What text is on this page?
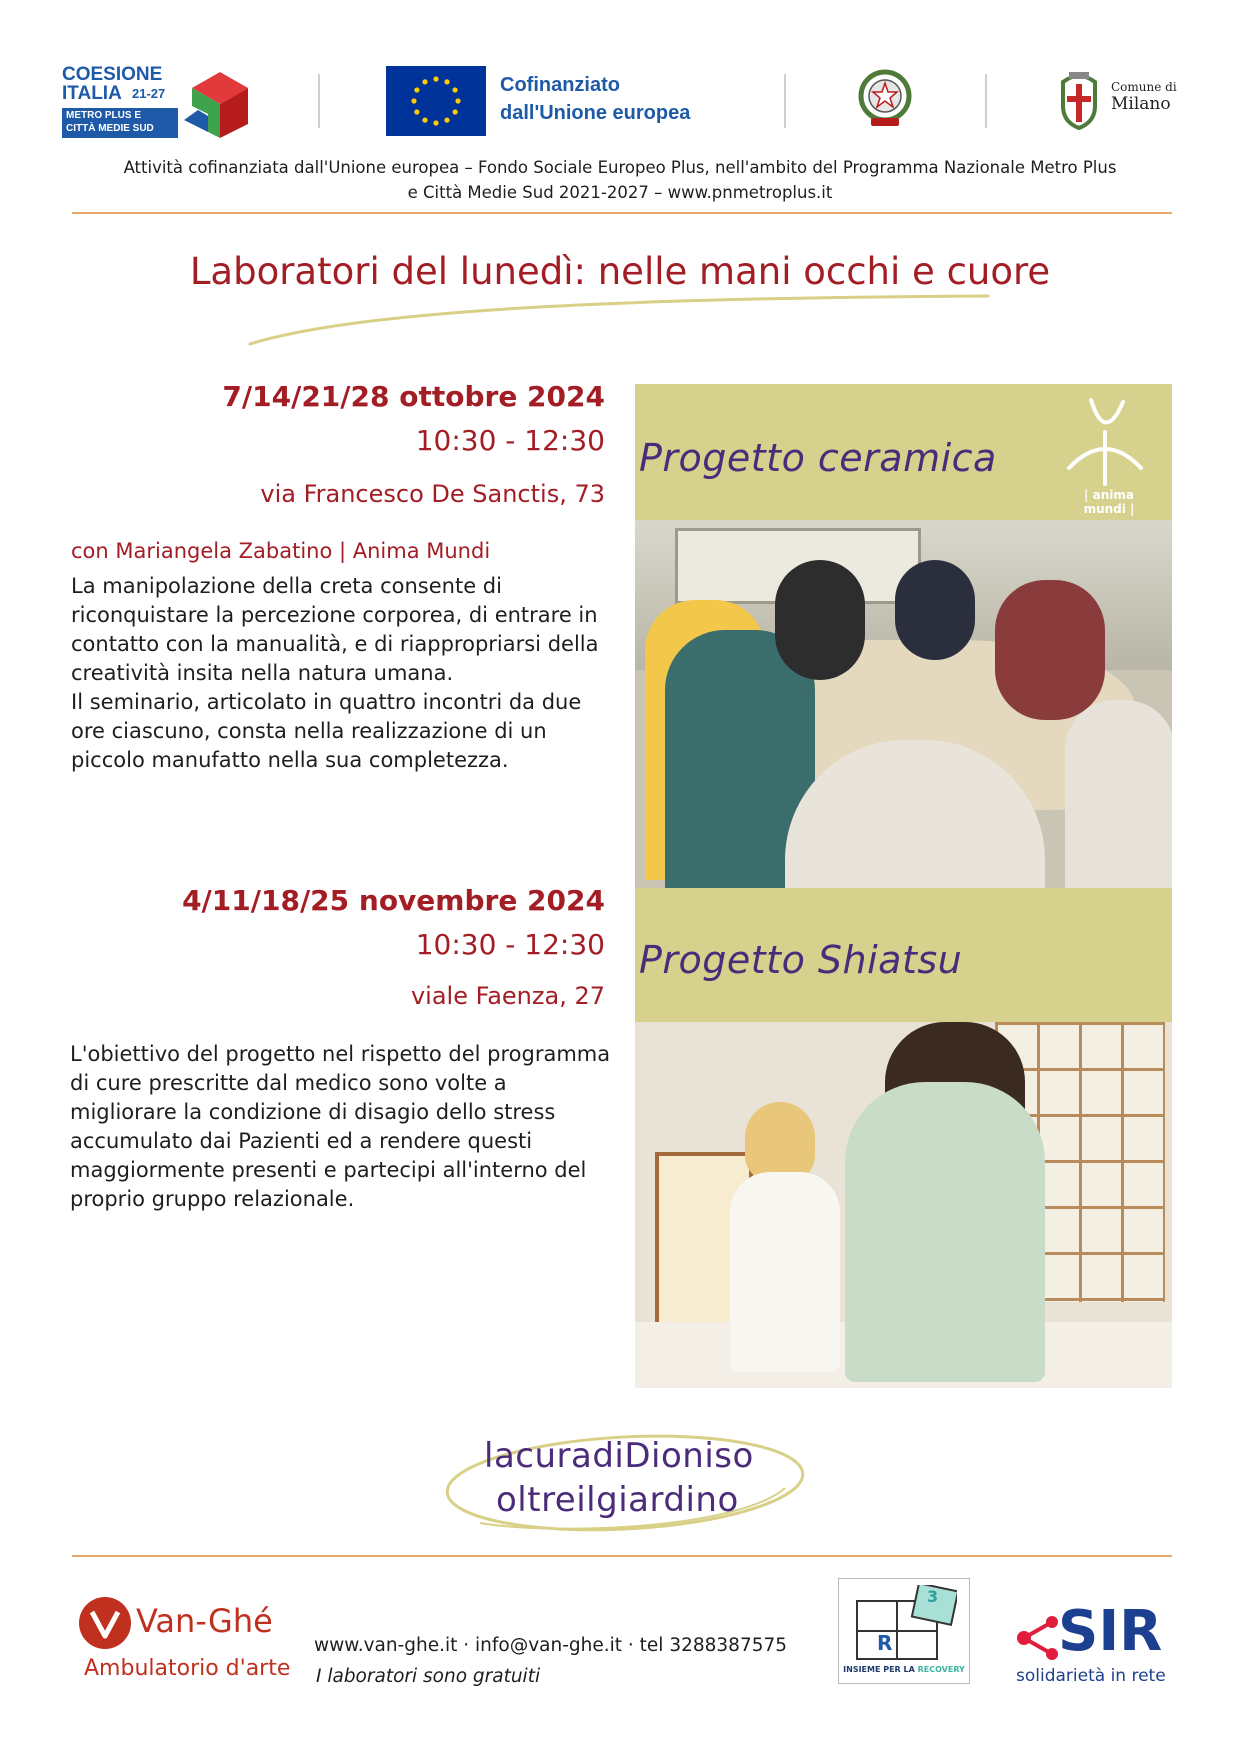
COESIONE
ITALIA 21-27
METRO PLUS E
CITTÀ MEDIE SUD
Cofinanziato
dall'Unione europea
Comune di
Milano
Attività cofinanziata dall'Unione europea – Fondo Sociale Europeo Plus, nell'ambito del Programma Nazionale Metro Plus
e Città Medie Sud 2021-2027 – www.pnmetroplus.it
Laboratori del lunedì: nelle mani occhi e cuore
7/14/21/28 ottobre 2024
10:30 - 12:30
via Francesco De Sanctis, 73
con Mariangela Zabatino | Anima Mundi
La manipolazione della creta consente di
riconquistare la percezione corporea, di entrare in
contatto con la manualità, e di riappropriarsi della
creatività insita nella natura umana.
Il seminario, articolato in quattro incontri da due
ore ciascuno, consta nella realizzazione di un
piccolo manufatto nella sua completezza.
Progetto ceramica
| anima mundi |
4/11/18/25 novembre 2024
10:30 - 12:30
viale Faenza, 27
L'obiettivo del progetto nel rispetto del programma
di cure prescritte dal medico sono volte a
migliorare la condizione di disagio dello stress
accumulato dai Pazienti ed a rendere questi
maggiormente presenti e partecipi all'interno del
proprio gruppo relazionale.
Progetto Shiatsu
lacuradiDioniso
oltreilgiardino
Van-Ghé
Ambulatorio d'arte
www.van-ghe.it · info@van-ghe.it · tel 3288387575
I laboratori sono gratuiti
3
R
INSIEME PER LA RECOVERY
SIR
solidarietà in rete
